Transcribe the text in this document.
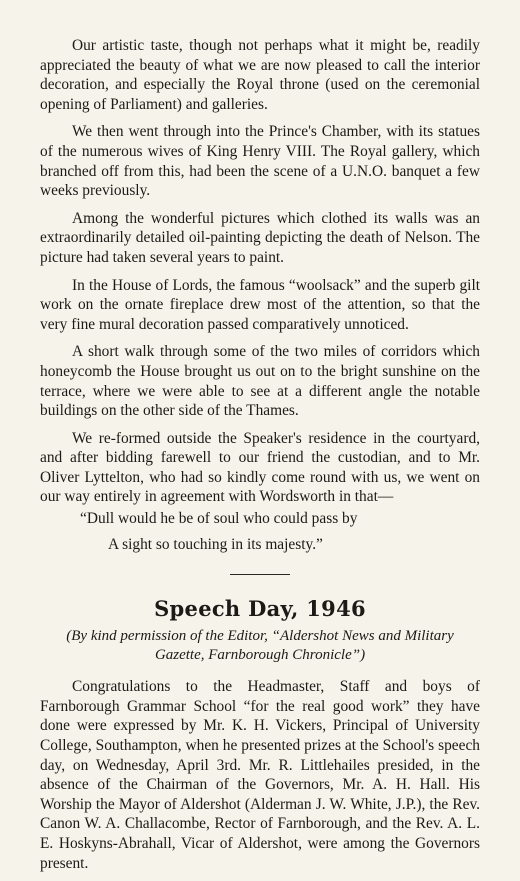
Our artistic taste, though not perhaps what it might be, readily appreciated the beauty of what we are now pleased to call the interior decoration, and especially the Royal throne (used on the ceremonial opening of Parliament) and galleries.

We then went through into the Prince's Chamber, with its statues of the numerous wives of King Henry VIII. The Royal gallery, which branched off from this, had been the scene of a U.N.O. banquet a few weeks previously.

Among the wonderful pictures which clothed its walls was an extraordinarily detailed oil-painting depicting the death of Nelson. The picture had taken several years to paint.

In the House of Lords, the famous “woolsack” and the superb gilt work on the ornate fireplace drew most of the attention, so that the very fine mural decoration passed comparatively unnoticed.

A short walk through some of the two miles of corridors which honeycomb the House brought us out on to the bright sunshine on the terrace, where we were able to see at a different angle the notable buildings on the other side of the Thames.

We re-formed outside the Speaker's residence in the courtyard, and after bidding farewell to our friend the custodian, and to Mr. Oliver Lyttelton, who had so kindly come round with us, we went on our way entirely in agreement with Wordsworth in that—

“Dull would he be of soul who could pass by
A sight so touching in its majesty.”
Speech Day, 1946

(By kind permission of the Editor, “Aldershot News and Military Gazette, Farnborough Chronicle”)

Congratulations to the Headmaster, Staff and boys of Farnborough Grammar School “for the real good work” they have done were expressed by Mr. K. H. Vickers, Principal of University College, Southampton, when he presented prizes at the School's speech day, on Wednesday, April 3rd. Mr. R. Littlehailes presided, in the absence of the Chairman of the Governors, Mr. A. H. Hall. His Worship the Mayor of Aldershot (Alderman J. W. White, J.P.), the Rev. Canon W. A. Challacombe, Rector of Farnborough, and the Rev. A. L. E. Hoskyns-Abrahall, Vicar of Aldershot, were among the Governors present.
